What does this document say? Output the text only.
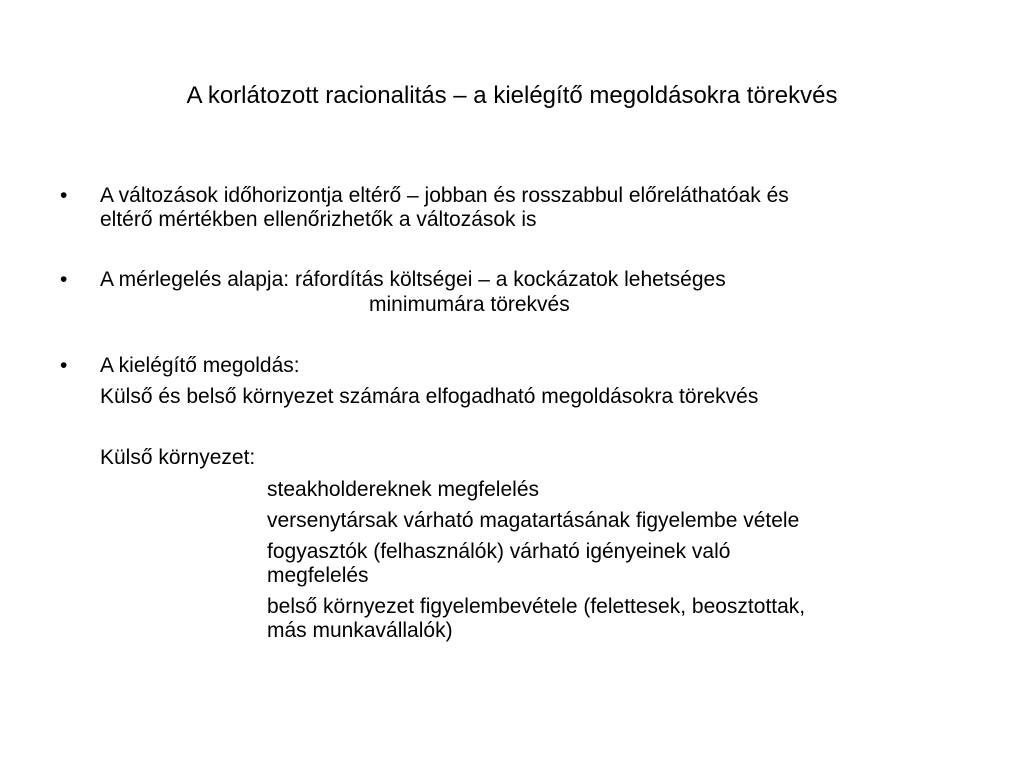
A korlátozott racionalitás – a kielégítő megoldásokra törekvés
•	A változások időhorizontja eltérő – jobban és rosszabbul előreláthatóak és
eltérő mértékben ellenőrizhetők a változások is
•	A mérlegelés alapja: ráfordítás költségei – a kockázatok lehetséges
minimumára törekvés
•	A kielégítő megoldás:
Külső és belső környezet számára elfogadható megoldásokra törekvés
Külső környezet:
steakholdereknek megfelelés
versenytársak várható magatartásának figyelembe vétele
fogyasztók (felhasználók) várható igényeinek való
megfelelés
belső környezet figyelembevétele (felettesek, beosztottak,
más munkavállalók)
